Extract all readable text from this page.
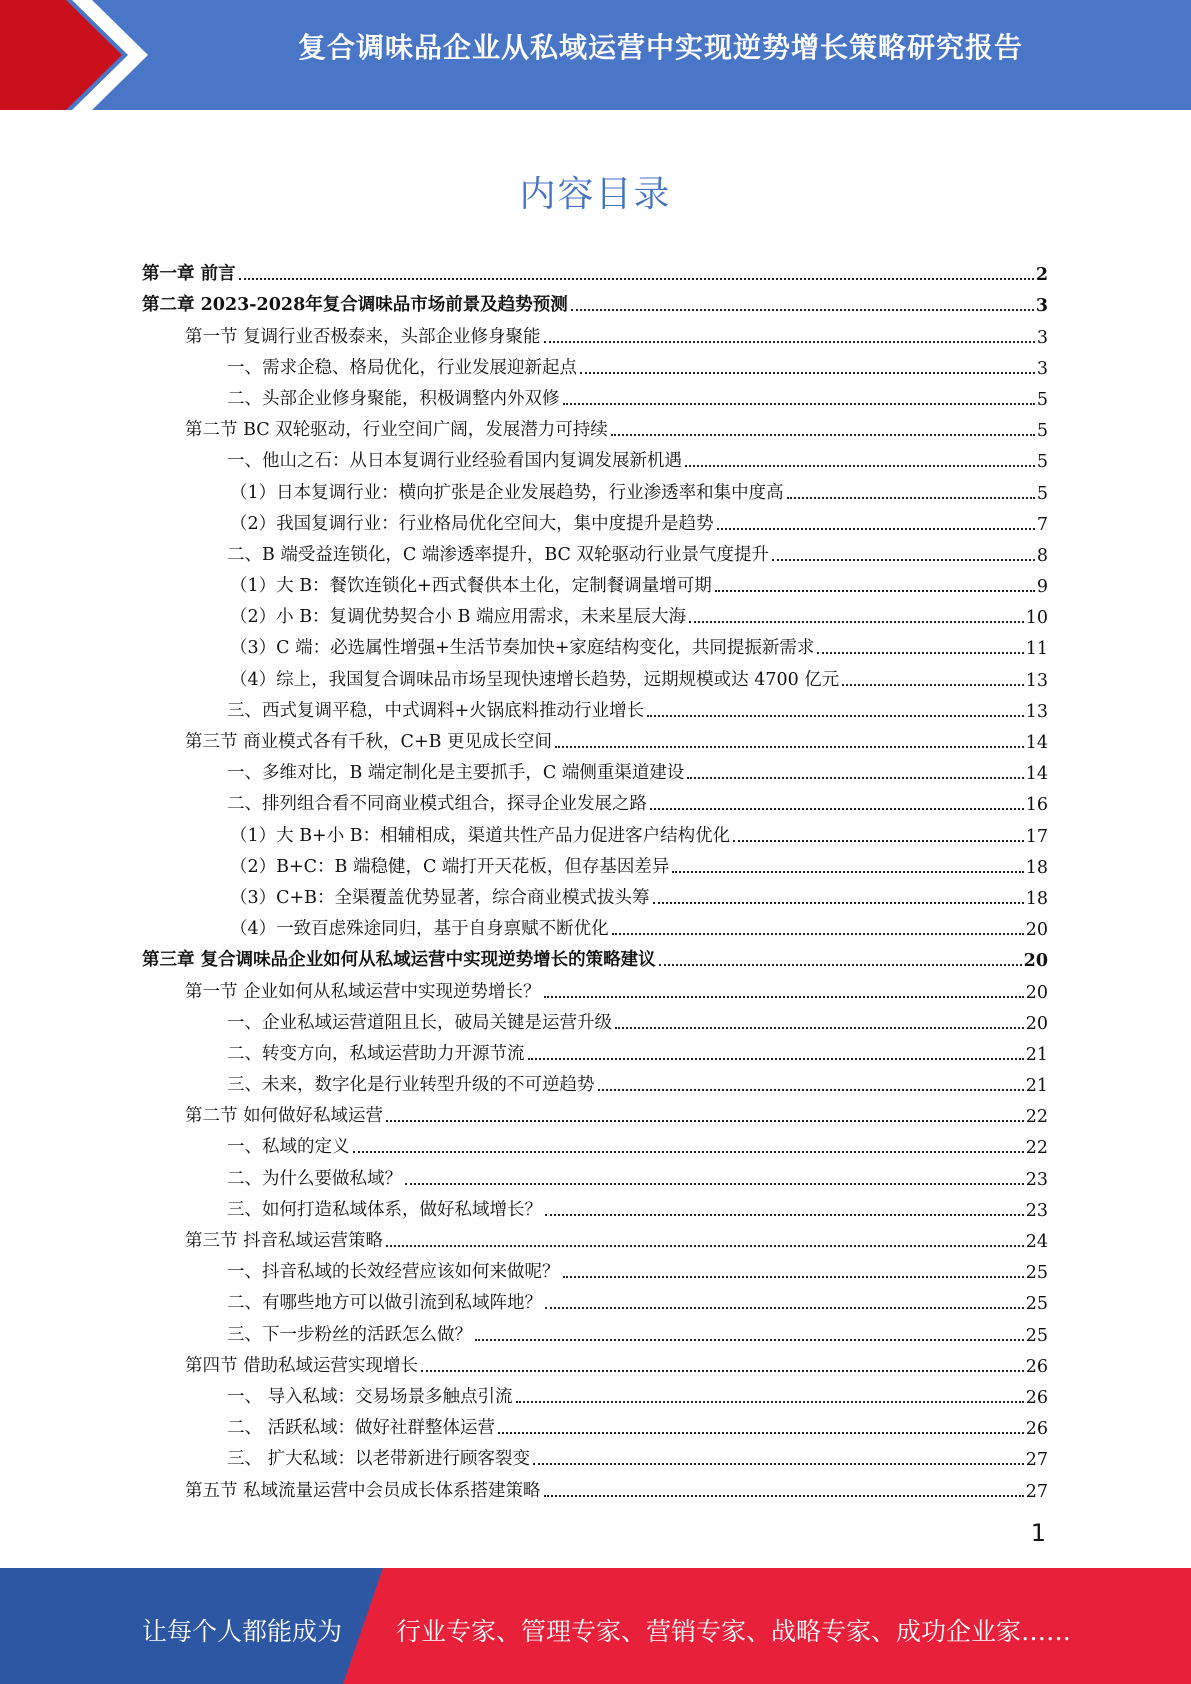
复合调味品企业从私域运营中实现逆势增长策略研究报告
内容目录
第一章 前言	2
第二章 2023-2028年复合调味品市场前景及趋势预测	3
第一节 复调行业否极泰来，头部企业修身聚能	3
一、需求企稳、格局优化，行业发展迎新起点	3
二、头部企业修身聚能，积极调整内外双修	5
第二节 BC 双轮驱动，行业空间广阔，发展潜力可持续	5
一、他山之石：从日本复调行业经验看国内复调发展新机遇	5
（1）日本复调行业：横向扩张是企业发展趋势，行业渗透率和集中度高	5
（2）我国复调行业：行业格局优化空间大，集中度提升是趋势	7
二、B 端受益连锁化，C 端渗透率提升，BC 双轮驱动行业景气度提升	8
（1）大 B：餐饮连锁化+西式餐供本土化，定制餐调量增可期	9
（2）小 B：复调优势契合小 B 端应用需求，未来星辰大海	10
（3）C 端：必选属性增强+生活节奏加快+家庭结构变化，共同提振新需求	11
（4）综上，我国复合调味品市场呈现快速增长趋势，远期规模或达 4700 亿元	13
三、西式复调平稳，中式调料+火锅底料推动行业增长	13
第三节 商业模式各有千秋，C+B 更见成长空间	14
一、多维对比，B 端定制化是主要抓手，C 端侧重渠道建设	14
二、排列组合看不同商业模式组合，探寻企业发展之路	16
（1）大 B+小 B：相辅相成，渠道共性产品力促进客户结构优化	17
（2）B+C：B 端稳健，C 端打开天花板，但存基因差异	18
（3）C+B：全渠覆盖优势显著，综合商业模式拔头筹	18
（4）一致百虑殊途同归，基于自身禀赋不断优化	20
第三章 复合调味品企业如何从私域运营中实现逆势增长的策略建议	20
第一节 企业如何从私域运营中实现逆势增长？	20
一、企业私域运营道阻且长，破局关键是运营升级	20
二、转变方向，私域运营助力开源节流	21
三、未来，数字化是行业转型升级的不可逆趋势	21
第二节 如何做好私域运营	22
一、私域的定义	22
二、为什么要做私域？	23
三、如何打造私域体系，做好私域增长？	23
第三节 抖音私域运营策略	24
一、抖音私域的长效经营应该如何来做呢？	25
二、有哪些地方可以做引流到私域阵地？	25
三、下一步粉丝的活跃怎么做？	25
第四节 借助私域运营实现增长	26
一、 导入私域：交易场景多触点引流	26
二、 活跃私域：做好社群整体运营	26
三、 扩大私域：以老带新进行顾客裂变	27
第五节 私域流量运营中会员成长体系搭建策略	27
1
让每个人都能成为 行业专家、管理专家、营销专家、战略专家、成功企业家……
